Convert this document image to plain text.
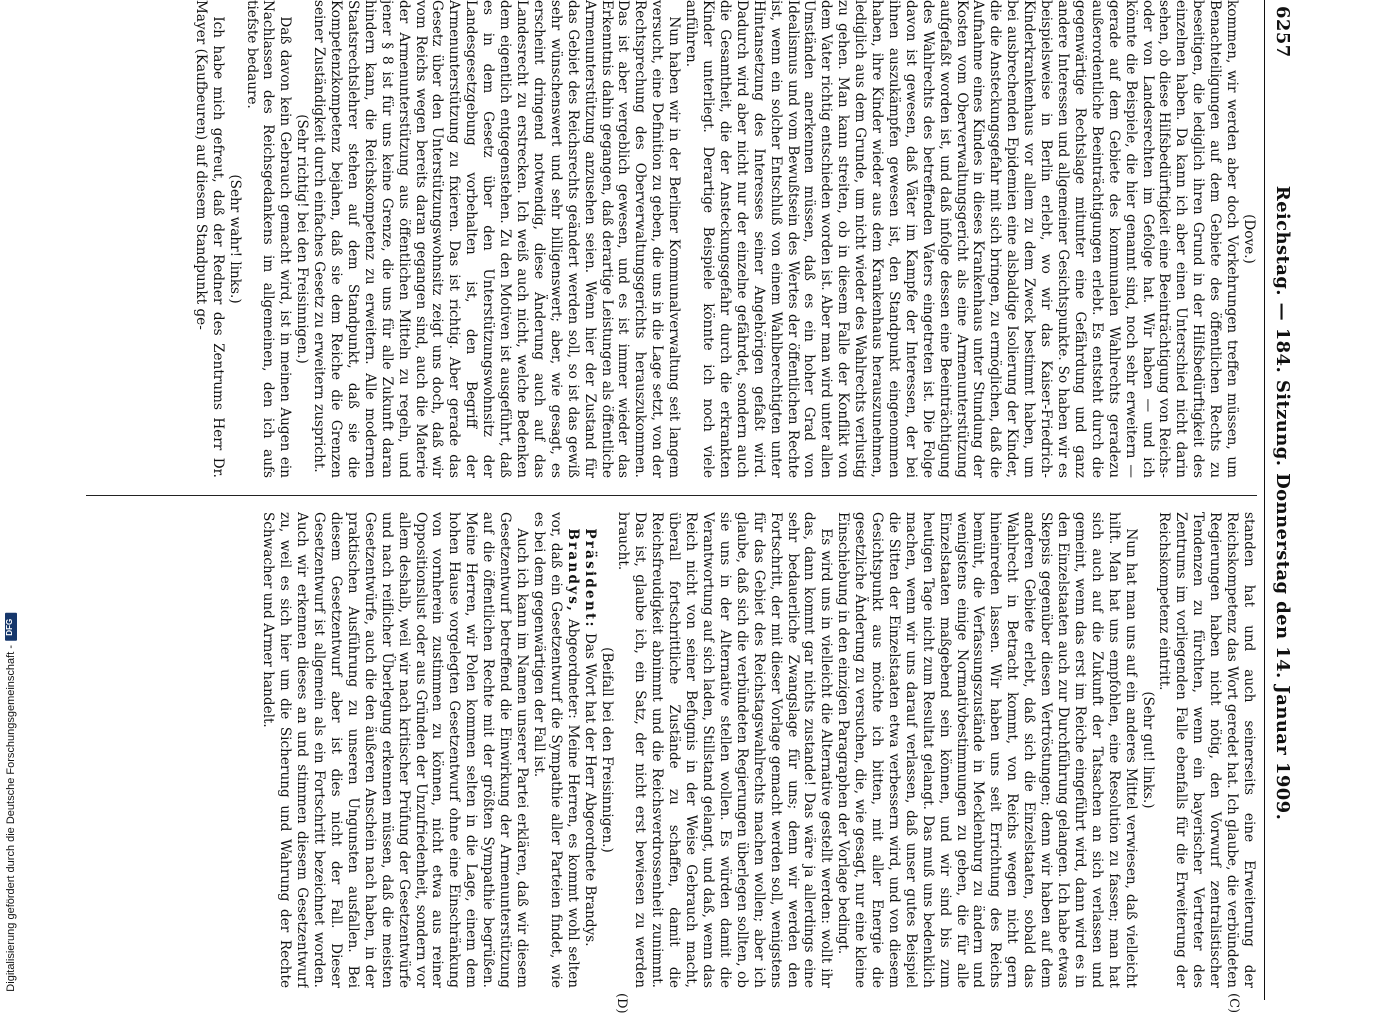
6257
Reichstag. — 184. Sitzung. Donnerstag den 14. Januar 1909.
(C)
(D)

(Dove.)

kommen, wir werden aber doch Vorkehrungen treffen müssen, um Benachteiligungen auf dem Gebiete des öffentlichen Rechts zu beseitigen, die lediglich ihren Grund in der Hilfsbedürftigkeit des einzelnen haben. Da kann ich aber einen Unterschied nicht darin sehen, ob diese Hilfsbedürftigkeit eine Beeinträchtigung von Reichs- oder von Landesrechten im Gefolge hat. Wir haben — und ich könnte die Beispiele, die hier genannt sind, noch sehr erweitern — gerade auf dem Gebiete des kommunalen Wahlrechts geradezu außerordentliche Beeinträchtigungen erlebt. Es entsteht durch die gegenwärtige Rechtslage mitunter eine Gefährdung und ganz andere Interessen und allgemeiner Gesichtspunkte. So haben wir es beispielsweise in Berlin erlebt, wo wir das Kaiser-Friedrich-Kinderkrankenhaus vor allem zu dem Zweck bestimmt haben, um bei ausbrechenden Epidemien eine alsbaldige Isolierung der Kinder, die die Ansteckungsgefahr mit sich bringen, zu ermöglichen, daß die Aufnahme eines Kindes in dieses Krankenhaus unter Stundung der Kosten vom Oberverwaltungsgericht als eine Armenunterstützung aufgefaßt worden ist, und daß infolge dessen eine Beeinträchtigung des Wahlrechts des betreffenden Vaters eingetreten ist. Die Folge davon ist gewesen, daß Väter im Kampfe der Interessen, der bei ihnen auszukämpfen gewesen ist, den Standpunkt eingenommen haben, ihre Kinder wieder aus dem Krankenhaus herauszunehmen, lediglich aus dem Grunde, um nicht wieder des Wahlrechts verlustig zu gehen. Man kann streiten, ob in diesem Falle der Konflikt von dem Vater richtig entschieden worden ist. Aber man wird unter allen Umständen anerkennen müssen, daß es ein hoher Grad von Idealismus und vom Bewußtsein des Wertes der öffentlichen Rechte ist, wenn ein solcher Entschluß von einem Wahlberechtigten unter Hintansetzung des Interesses seiner Angehörigen gefaßt wird. Dadurch wird aber nicht nur der einzelne gefährdet, sondern auch die Gesamtheit, die der Ansteckungsgefahr durch die erkrankten Kinder unterliegt. Derartige Beispiele könnte ich noch viele anführen.

Nun haben wir in der Berliner Kommunalverwaltung seit langem versucht, eine Definition zu geben, die uns in die Lage setzt, von der Rechtsprechung des Oberverwaltungsgerichts herauszukommen. Das ist aber vergeblich gewesen, und es ist immer wieder das Erkenntnis dahin gegangen, daß derartige Leistungen als öffentliche Armenunterstützung anzusehen seien. Wenn hier der Zustand für das Gebiet des Reichsrechts geändert werden soll, so ist das gewiß sehr wünschenswert und sehr billigenswert; aber, wie gesagt, es erscheint dringend notwendig, diese Änderung auch auf das Landesrecht zu erstrecken. Ich weiß auch nicht, welche Bedenken dem eigentlich entgegenstehen. Zu den Motiven ist ausgeführt, daß es in dem Gesetz über den Unterstützungswohnsitz der Landesgesetzgebung vorbehalten ist, den Begriff der Armenunterstützung zu fixieren. Das ist richtig. Aber gerade das Gesetz über den Unterstützungswohnsitz zeigt uns doch, daß wir vom Reichs wegen bereits daran gegangen sind, auch die Materie der Armenunterstützung aus öffentlichen Mitteln zu regeln, und jener § 8 ist für uns keine Grenze, die uns für alle Zukunft daran hindern kann, die Reichskompetenz zu erweitern. Alle modernen Staatsrechtslehrer stehen auf dem Standpunkt, daß sie die Kompetenzkompetenz bejahen, daß sie dem Reiche die Grenzen seiner Zuständigkeit durch einfaches Gesetz zu erweitern zuspricht.

(Sehr richtig! bei den Freisinnigen.)

Daß davon kein Gebrauch gemacht wird, ist in meinen Augen ein Nachlassen des Reichsgedankens im allgemeinen, den ich aufs tiefste bedaure.

(Sehr wahr! links.)

Ich habe mich gefreut, daß der Redner des Zentrums Herr Dr. Mayer (Kaufbeuren) auf diesem Standpunkt ge-

standen hat und auch seinerseits eine Erweiterung der Reichskompetenz das Wort geredet hat. Ich glaube, die verbündeten Regierungen haben nicht nötig, den Vorwurf zentralistischer Tendenzen zu fürchten, wenn ein bayerischer Vertreter des Zentrums im vorliegenden Falle ebenfalls für die Erweiterung der Reichskompetenz eintritt.

(Sehr gut! links.)

Nun hat man uns auf ein anderes Mittel verwiesen, daß vielleicht hilft. Man hat uns empfohlen, eine Resolution zu fassen; man hat sich auch auf die Zukunft der Tatsachen an sich verlassen und gemeint, wenn das erst im Reiche eingeführt wird, dann wird es in den Einzelstaaten auch zur Durchführung gelangen. Ich habe etwas Skepsis gegenüber diesen Vertröstungen; denn wir haben auf dem anderen Gebiete erlebt, daß sich die Einzelstaaten, sobald das Wahlrecht in Betracht kommt, von Reichs wegen nicht gern hineinreden lassen. Wir haben uns seit Errichtung des Reichs bemüht, die Verfassungszustände in Mecklenburg zu ändern und wenigstens einige Normativbestimmungen zu geben, die für alle Einzelstaaten maßgebend sein können, und wir sind bis zum heutigen Tage nicht zum Resultat gelangt. Das muß uns bedenklich machen, wenn wir uns darauf verlassen, daß unser gutes Beispiel die Sitten der Einzelstaaten etwa verbessern wird, und von diesem Gesichtspunkt aus möchte ich bitten, mit aller Energie die gesetzliche Änderung zu versuchen, die, wie gesagt, nur eine kleine Einschiebung in den einzigen Paragraphen der Vorlage bedingt.

Es wird uns in vielleicht die Alternative gestellt werden: wollt ihr das, dann kommt gar nichts zustande! Das wäre ja allerdings eine sehr bedauerliche Zwangslage für uns; denn wir werden den Fortschritt, der mit dieser Vorlage gemacht werden soll, wenigstens für das Gebiet des Reichstagswahlrechts machen wollen; aber ich glaube, daß sich die verbündeten Regierungen überlegen sollten, ob sie uns in der Alternative stellen wollen. Es würden damit die Verantwortung auf sich laden, Stillstand gelangt, und daß, wenn das Reich nicht von seiner Befugnis in der Weise Gebrauch macht, überall fortschrittliche Zustände zu schaffen, damit die Reichsfreudigkeit abnimmt und die Reichsverdrossenheit zunimmt. Das ist, glaube ich, ein Satz, der nicht erst bewiesen zu werden braucht.

(Beifall bei den Freisinnigen.)

Präsident: Das Wort hat der Herr Abgeordnete Brandys.

Brandys, Abgeordneter: Meine Herren, es kommt wohl selten vor, daß ein Gesetzentwurf die Sympathie aller Parteien findet, wie es bei dem gegenwärtigen der Fall ist.

Auch ich kann im Namen unserer Partei erklären, daß wir diesem Gesetzentwurf betreffend die Einwirkung der Armenunterstützung auf die öffentlichen Rechte mit der größten Sympathie begrüßen. Meine Herren, wir Polen kommen selten in die Lage, einem dem hohen Hause vorgelegten Gesetzentwurf ohne eine Einschränkung von vornherein zustimmen zu können, nicht etwa aus reiner Oppositionslust oder aus Gründen der Unzufriedenheit, sondern vor allem deshalb, weil wir nach kritischer Prüfung der Gesetzentwürfe und nach reiflicher Überlegung erkennen müssen, daß die meisten Gesetzentwürfe, auch die den äußeren Anschein nach haben, in der praktischen Ausführung zu unseren Ungunsten ausfallen. Bei diesem Gesetzentwurf aber ist dies nicht der Fall. Dieser Gesetzentwurf ist allgemein als ein Fortschritt bezeichnet worden. Auch wir erkennen dieses an und stimmen diesem Gesetzentwurf zu, weil es sich hier um die Sicherung und Wahrung der Rechte Schwacher und Armer handelt.

Digitalisierung gefördert durch die Deutsche Forschungsgemeinschaft -
DFG
